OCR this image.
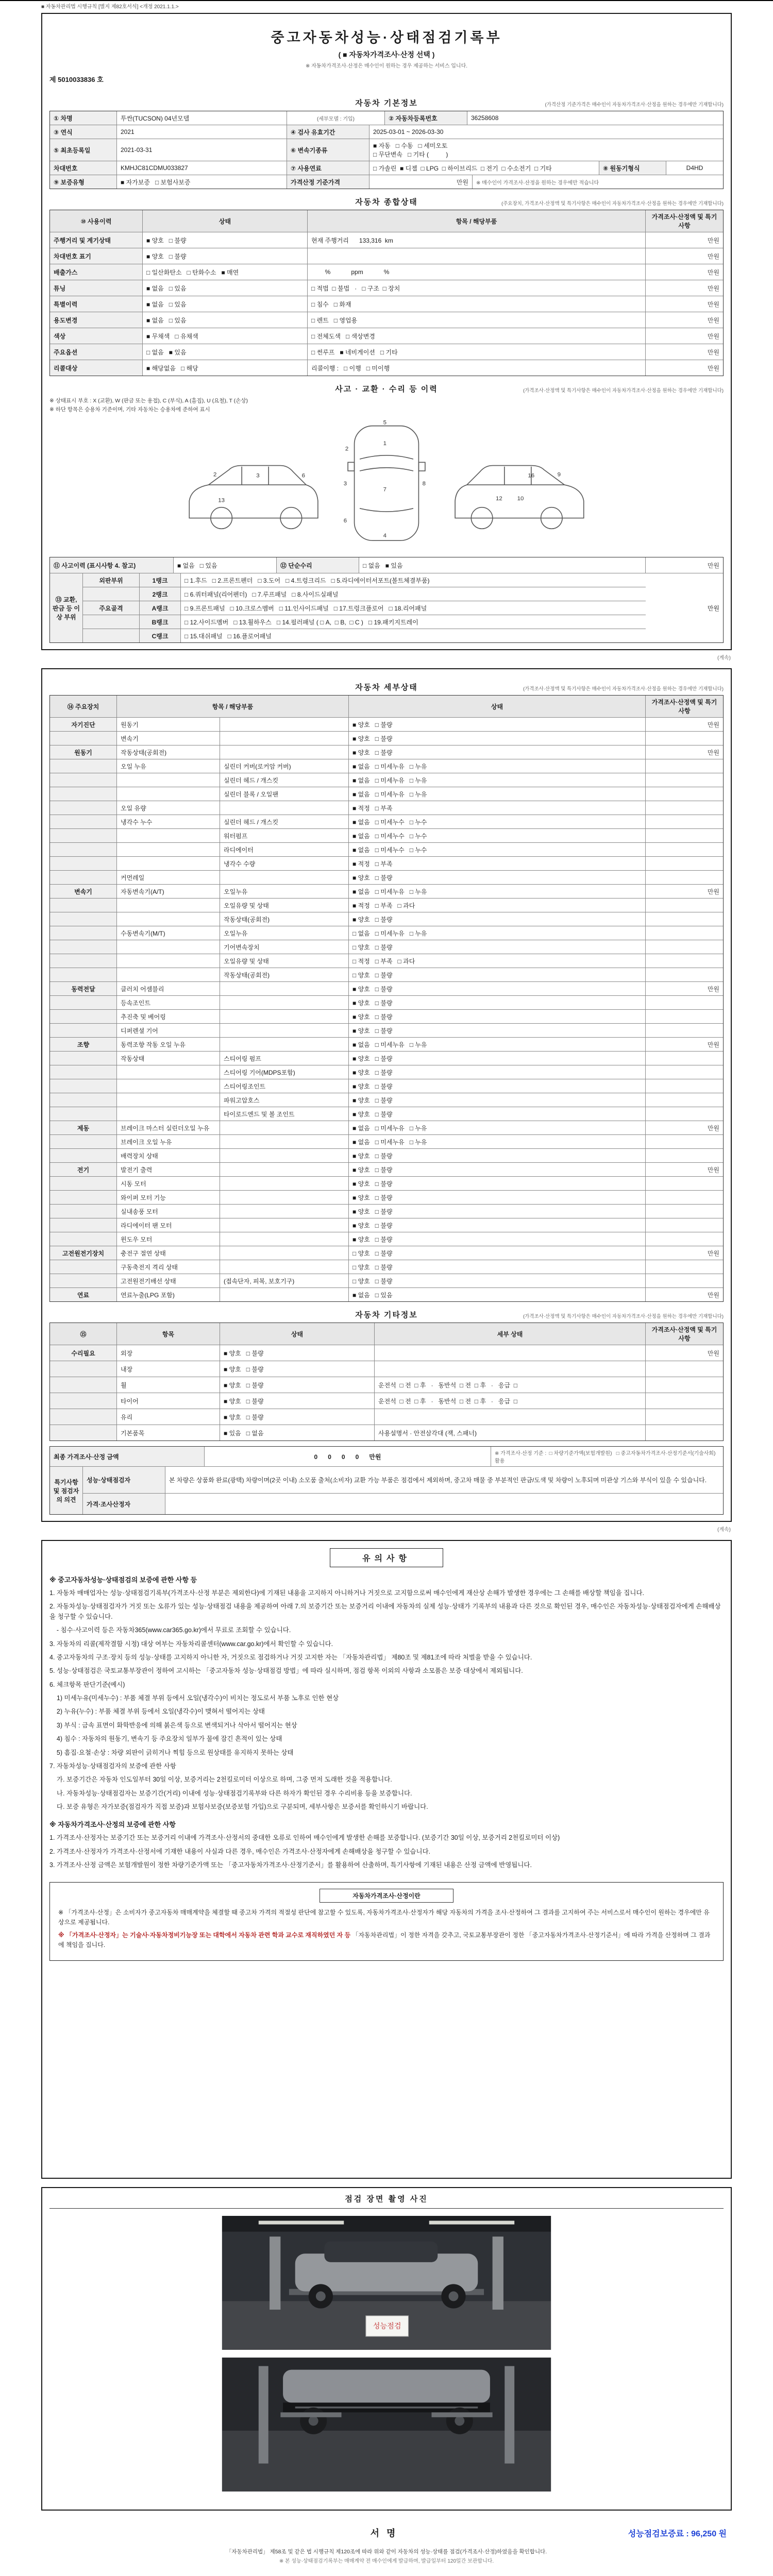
■ 자동차관리법 시행규칙 [별지 제82호서식] <개정 2021.1.1.>
중고자동차성능·상태점검기록부
( ■ 자동차가격조사·산정 선택 )
※ 자동차가격조사·산정은 매수인이 원하는 경우 제공하는 서비스 입니다.
제 5010033836 호
자동차 기본정보	(가격산정 기준가격은 매수인이 자동차가격조사·산정을 원하는 경우에만 기재합니다)
① 차명	투싼(TUCSON) 04년모델	(세부모델 : 기입)	② 자동차등록번호	36258608
③ 연식	2021	④ 검사 유효기간	2025-03-01 ~ 2026-03-30
⑤ 최초등록일	2021-03-31	⑥ 변속기종류
■ 자동   □ 수동   □ 세미오토
□ 무단변속   □ 기타 (          )
차대번호	KMHJC81CDMU033827	⑦ 사용연료	□ 가솔린  ■ 디젤  □ LPG  □ 하이브리드  □ 전기  □ 수소전기  □ 기타	⑧ 원동기형식	D4HD
⑨ 보증유형	■ 자가보증   □ 보험사보증	가격산정 기준가격	만원	※ 매수인이 가격조사·산정을 원하는 경우에만 적습니다
자동차 종합상태	(주요장치, 가격조사·산정액 및 특기사항은 매수인이 자동차가격조사·산정을 원하는 경우에만 기재합니다)
⑩ 사용이력	상태	항목 / 해당부품
가격조사·산정액 및 특기사항
주행거리 및 계기상태	■ 양호   □ 불량	현재 주행거리      133,316  km	만원
차대번호 표기	■ 양호   □ 불량	만원
배출가스	□ 일산화탄소   □ 탄화수소   ■ 매연	%            ppm            %	만원
튜닝	■ 없음   □ 있음	□ 적법  □ 불법   ·   □ 구조  □ 장치	만원
특별이력	■ 없음   □ 있음	□ 침수   □ 화재	만원
용도변경	■ 없음   □ 있음	□ 렌트   □ 영업용	만원
색상	■ 무채색   □ 유채색	□ 전체도색   □ 색상변경	만원
주요옵션	□ 없음   ■ 있음	□ 썬루프   ■ 네비게이션   □ 기타	만원
리콜대상	■ 해당없음   □ 해당	리콜이행 :   □ 이행   □ 미이행	만원
사고 · 교환 · 수리 등 이력	(가격조사·산정액 및 특기사항은 매수인이 자동차가격조사·산정을 원하는 경우에만 기재합니다)
※ 상태표시 부호 : X (교환), W (판금 또는 용접), C (부식), A (흠집), U (요철), T (손상)
※ 하단 항목은 승용차 기준이며, 기타 자동차는 승용차에 준하여 표시
1
2
3
4
5
6
7
8
2	3	6
13
9
10
12
16
⑪ 사고이력 (표시사항 4. 참고)	■ 없음   □ 있음	⑫ 단순수리	□ 없음   ■ 있음	만원
⑬ 교환, 판금 등 이상 부위
외판부위	1랭크	□ 1.후드   □ 2.프론트펜더   □ 3.도어   □ 4.트렁크리드   □ 5.라디에이터서포트(볼트체결부품)
2랭크	□ 6.쿼터패널(리어펜더)   □ 7.루프패널   □ 8.사이드실패널
주요골격	A랭크	□ 9.프론트패널   □ 10.크로스멤버   □ 11.인사이드패널   □ 17.트렁크플로어   □ 18.리어패널
B랭크	□ 12.사이드멤버   □ 13.휠하우스   □ 14.필러패널 ( □ A,  □ B,  □ C )   □ 19.패키지트레이
C랭크	□ 15.대쉬패널   □ 16.플로어패널
만원
(계속)
자동차 세부상태	(가격조사·산정액 및 특기사항은 매수인이 자동차가격조사·산정을 원하는 경우에만 기재합니다)
⑭ 주요장치	항목 / 해당부품	상태
가격조사·산정액 및 특기사항
자기진단	원동기	■ 양호   □ 불량	만원
변속기	■ 양호   □ 불량
원동기	작동상태(공회전)	■ 양호   □ 불량	만원
오일 누유	실린더 커버(로커암 커버)	■ 없음   □ 미세누유   □ 누유
실린더 헤드 / 개스킷	■ 없음   □ 미세누유   □ 누유
실린더 블록 / 오일팬	■ 없음   □ 미세누유   □ 누유
오일 유량	■ 적정   □ 부족
냉각수 누수	실린더 헤드 / 개스킷	■ 없음   □ 미세누수   □ 누수
워터펌프	■ 없음   □ 미세누수   □ 누수
라디에이터	■ 없음   □ 미세누수   □ 누수
냉각수 수량	■ 적정   □ 부족
커먼레일	■ 양호   □ 불량
변속기	자동변속기(A/T)	오일누유	■ 없음   □ 미세누유   □ 누유	만원
오일유량 및 상태	■ 적정   □ 부족   □ 과다
작동상태(공회전)	■ 양호   □ 불량
수동변속기(M/T)	오일누유	□ 없음   □ 미세누유   □ 누유
기어변속장치	□ 양호   □ 불량
오일유량 및 상태	□ 적정   □ 부족   □ 과다
작동상태(공회전)	□ 양호   □ 불량
동력전달	클러치 어셈블리	■ 양호   □ 불량	만원
등속조인트	■ 양호   □ 불량
추진축 및 베어링	■ 양호   □ 불량
디퍼렌셜 기어	■ 양호   □ 불량
조향	동력조향 작동 오일 누유	■ 없음   □ 미세누유   □ 누유	만원
작동상태	스티어링 펌프	■ 양호   □ 불량
스티어링 기어(MDPS포함)	■ 양호   □ 불량
스티어링조인트	■ 양호   □ 불량
파워고압호스	■ 양호   □ 불량
타이로드엔드 및 볼 조인트	■ 양호   □ 불량
제동	브레이크 마스터 실린더오일 누유	■ 없음   □ 미세누유   □ 누유	만원
브레이크 오일 누유	■ 없음   □ 미세누유   □ 누유
배력장치 상태	■ 양호   □ 불량
전기	발전기 출력	■ 양호   □ 불량	만원
시동 모터	■ 양호   □ 불량
와이퍼 모터 기능	■ 양호   □ 불량
실내송풍 모터	■ 양호   □ 불량
라디에이터 팬 모터	■ 양호   □ 불량
윈도우 모터	■ 양호   □ 불량
고전원전기장치	충전구 절연 상태	□ 양호   □ 불량	만원
구동축전지 격리 상태	□ 양호   □ 불량
고전원전기배선 상태	(접속단자, 피복, 보호기구)	□ 양호   □ 불량
연료	연료누출(LPG 포함)	■ 없음   □ 있음	만원
자동차 기타정보	(가격조사·산정액 및 특기사항은 매수인이 자동차가격조사·산정을 원하는 경우에만 기재합니다)
⑮	항목	상태	세부 상태
가격조사·산정액 및 특기사항
수리필요	외장	■ 양호   □ 불량	만원
내장	■ 양호   □ 불량
휠	■ 양호   □ 불량	운전석  □ 전  □ 후   ·   동반석  □ 전  □ 후   ·   응급  □
타이어	■ 양호   □ 불량	운전석  □ 전  □ 후   ·   동반석  □ 전  □ 후   ·   응급  □
유리	■ 양호   □ 불량
기본품목	■ 있음   □ 없음	사용설명서 · 안전삼각대 (잭, 스패너)
최종 가격조사·산정 금액	0      0      0      0      만원	※ 가격조사·산정 기준 :  □ 차량기준가액(보험개발원)   □ 중고자동차가격조사·산정기준서(기술사회) 활용
특기사항 및 점검자의 의견
성능·상태점검자	본 차량은 상품화 완료(광택) 차량이며(2곳 이내) 소모품 출처(소비자) 교환 가능 부품은 점검에서 제외하며, 중고차 매물 중 부분적인 판금/도색 및 차량이 노후되며 미관상 기스와 부식이 있을 수 있습니다.
가격·조사산정자
(계속)
유의사항
※ 중고자동차성능·상태점검의 보증에 관한 사항 등

1. 자동차 매매업자는 성능·상태점검기록부(가격조사·산정 부분은 제외한다)에 기재된 내용을 고지하지 아니하거나 거짓으로 고지함으로써 매수인에게 재산상 손해가 발생한 경우에는 그 손해를 배상할 책임을 집니다.

2. 자동차성능·상태점검자가 거짓 또는 오류가 있는 성능·상태점검 내용을 제공하여 아래 7.의 보증기간 또는 보증거리 이내에 자동차의 실제 성능·상태가 기록부의 내용과 다른 것으로 확인된 경우, 매수인은 자동차성능·상태점검자에게 손해배상을 청구할 수 있습니다.

- 침수·사고이력 등은 자동차365(www.car365.go.kr)에서 무료로 조회할 수 있습니다.

3. 자동차의 리콜(제작결함 시정) 대상 여부는 자동차리콜센터(www.car.go.kr)에서 확인할 수 있습니다.

4. 중고자동차의 구조·장치 등의 성능·상태를 고지하지 아니한 자, 거짓으로 점검하거나 거짓 고지한 자는 「자동차관리법」 제80조 및 제81조에 따라 처벌을 받을 수 있습니다.

5. 성능·상태점검은 국토교통부장관이 정하여 고시하는 「중고자동차 성능·상태점검 방법」에 따라 실시하며, 점검 항목 이외의 사항과 소모품은 보증 대상에서 제외됩니다.

6. 체크항목 판단기준(예시)

1) 미세누유(미세누수) : 부품 체결 부위 등에서 오일(냉각수)이 비치는 정도로서 부품 노후로 인한 현상

2) 누유(누수) : 부품 체결 부위 등에서 오일(냉각수)이 맺혀서 떨어지는 상태

3) 부식 : 금속 표면이 화학반응에 의해 붉은색 등으로 변색되거나 삭아서 떨어지는 현상

4) 침수 : 자동차의 원동기, 변속기 등 주요장치 일부가 물에 잠긴 흔적이 있는 상태

5) 흠집·요철·손상 : 차량 외판이 긁히거나 찍힘 등으로 원상태를 유지하지 못하는 상태

7. 자동차성능·상태점검자의 보증에 관한 사항

가. 보증기간은 자동차 인도일부터 30일 이상, 보증거리는 2천킬로미터 이상으로 하며, 그중 먼저 도래한 것을 적용합니다.

나. 자동차성능·상태점검자는 보증기간(거리) 이내에 성능·상태점검기록부와 다른 하자가 확인된 경우 수리비용 등을 보증합니다.

다. 보증 유형은 자가보증(점검자가 직접 보증)과 보험사보증(보증보험 가입)으로 구분되며, 세부사항은 보증서를 확인하시기 바랍니다.

※ 자동차가격조사·산정의 보증에 관한 사항

1. 가격조사·산정자는 보증기간 또는 보증거리 이내에 가격조사·산정서의 중대한 오류로 인하여 매수인에게 발생한 손해를 보증합니다. (보증기간 30일 이상, 보증거리 2천킬로미터 이상)

2. 가격조사·산정자가 가격조사·산정서에 기재한 내용이 사실과 다른 경우, 매수인은 가격조사·산정자에게 손해배상을 청구할 수 있습니다.

3. 가격조사·산정 금액은 보험개발원이 정한 차량기준가액 또는 「중고자동차가격조사·산정기준서」를 활용하여 산출하며, 특기사항에 기재된 내용은 산정 금액에 반영됩니다.

자동차가격조사·산정이란

※ 「가격조사·산정」은 소비자가 중고자동차 매매계약을 체결할 때 중고차 가격의 적절성 판단에 참고할 수 있도록, 자동차가격조사·산정자가 해당 자동차의 가격을 조사·산정하여 그 결과를 고지하여 주는 서비스로서 매수인이 원하는 경우에만 유상으로 제공됩니다.

※ 「가격조사·산정자」는 기술사·자동차정비기능장 또는 대학에서 자동차 관련 학과 교수로 재직하였던 자 등 「자동차관리법」이 정한 자격을 갖추고, 국토교통부장관이 정한 「중고자동차가격조사·산정기준서」에 따라 가격을 산정하며 그 결과에 책임을 집니다.

점검 장면 촬영 사진
성능점검
서명	성능점검보증료 : 96,250 원
「자동차관리법」 제58조 및 같은 법 시행규칙 제120조에 따라 위와 같이 자동차의 성능·상태를 점검(가격조사·산정)하였음을 확인합니다.
※ 본 성능·상태점검기록부는 매매계약 전 매수인에게 발급하며, 발급일부터 120일간 보관합니다.
